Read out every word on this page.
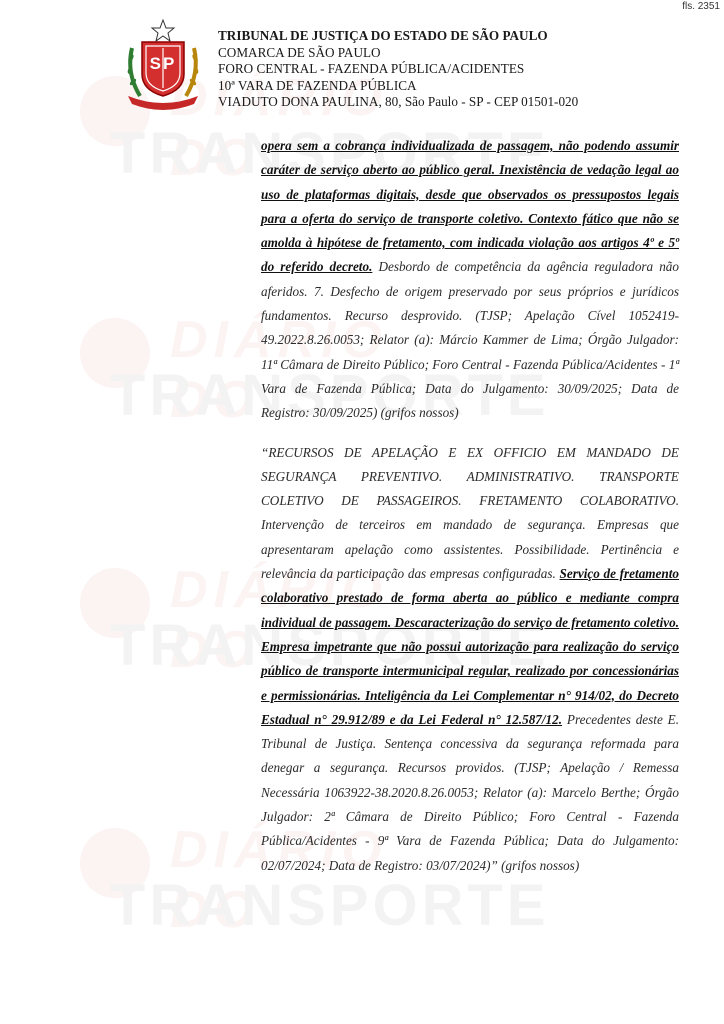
fls. 2351
SP
TRIBUNAL DE JUSTIÇA DO ESTADO DE SÃO PAULO
COMARCA DE SÃO PAULO
FORO CENTRAL - FAZENDA PÚBLICA/ACIDENTES
10ª VARA DE FAZENDA PÚBLICA
VIADUTO DONA PAULINA, 80, São Paulo - SP - CEP 01501-020

opera sem a cobrança individualizada de passagem, não podendo assumir caráter de serviço aberto ao público geral. Inexistência de vedação legal ao uso de plataformas digitais, desde que observados os pressupostos legais para a oferta do serviço de transporte coletivo. Contexto fático que não se amolda à hipótese de fretamento, com indicada violação aos artigos 4º e 5º do referido decreto. Desbordo de competência da agência reguladora não aferidos. 7. Desfecho de origem preservado por seus próprios e jurídicos fundamentos. Recurso desprovido. (TJSP; Apelação Cível 1052419-49.2022.8.26.0053; Relator (a): Márcio Kammer de Lima; Órgão Julgador: 11ª Câmara de Direito Público; Foro Central - Fazenda Pública/Acidentes - 1ª Vara de Fazenda Pública; Data do Julgamento: 30/09/2025; Data de Registro: 30/09/2025) (grifos nossos)

“RECURSOS DE APELAÇÃO E EX OFFICIO EM MANDADO DE SEGURANÇA PREVENTIVO. ADMINISTRATIVO. TRANSPORTE COLETIVO DE PASSAGEIROS. FRETAMENTO COLABORATIVO. Intervenção de terceiros em mandado de segurança. Empresas que apresentaram apelação como assistentes. Possibilidade. Pertinência e relevância da participação das empresas configuradas. Serviço de fretamento colaborativo prestado de forma aberta ao público e mediante compra individual de passagem. Descaracterização do serviço de fretamento coletivo. Empresa impetrante que não possui autorização para realização do serviço público de transporte intermunicipal regular, realizado por concessionárias e permissionárias. Inteligência da Lei Complementar n° 914/02, do Decreto Estadual n° 29.912/89 e da Lei Federal n° 12.587/12. Precedentes deste E. Tribunal de Justiça. Sentença concessiva da segurança reformada para denegar a segurança. Recursos providos. (TJSP; Apelação / Remessa Necessária 1063922-38.2020.8.26.0053; Relator (a): Marcelo Berthe; Órgão Julgador: 2ª Câmara de Direito Público; Foro Central - Fazenda Pública/Acidentes - 9ª Vara de Fazenda Pública; Data do Julgamento: 02/07/2024; Data de Registro: 03/07/2024)” (grifos nossos)
